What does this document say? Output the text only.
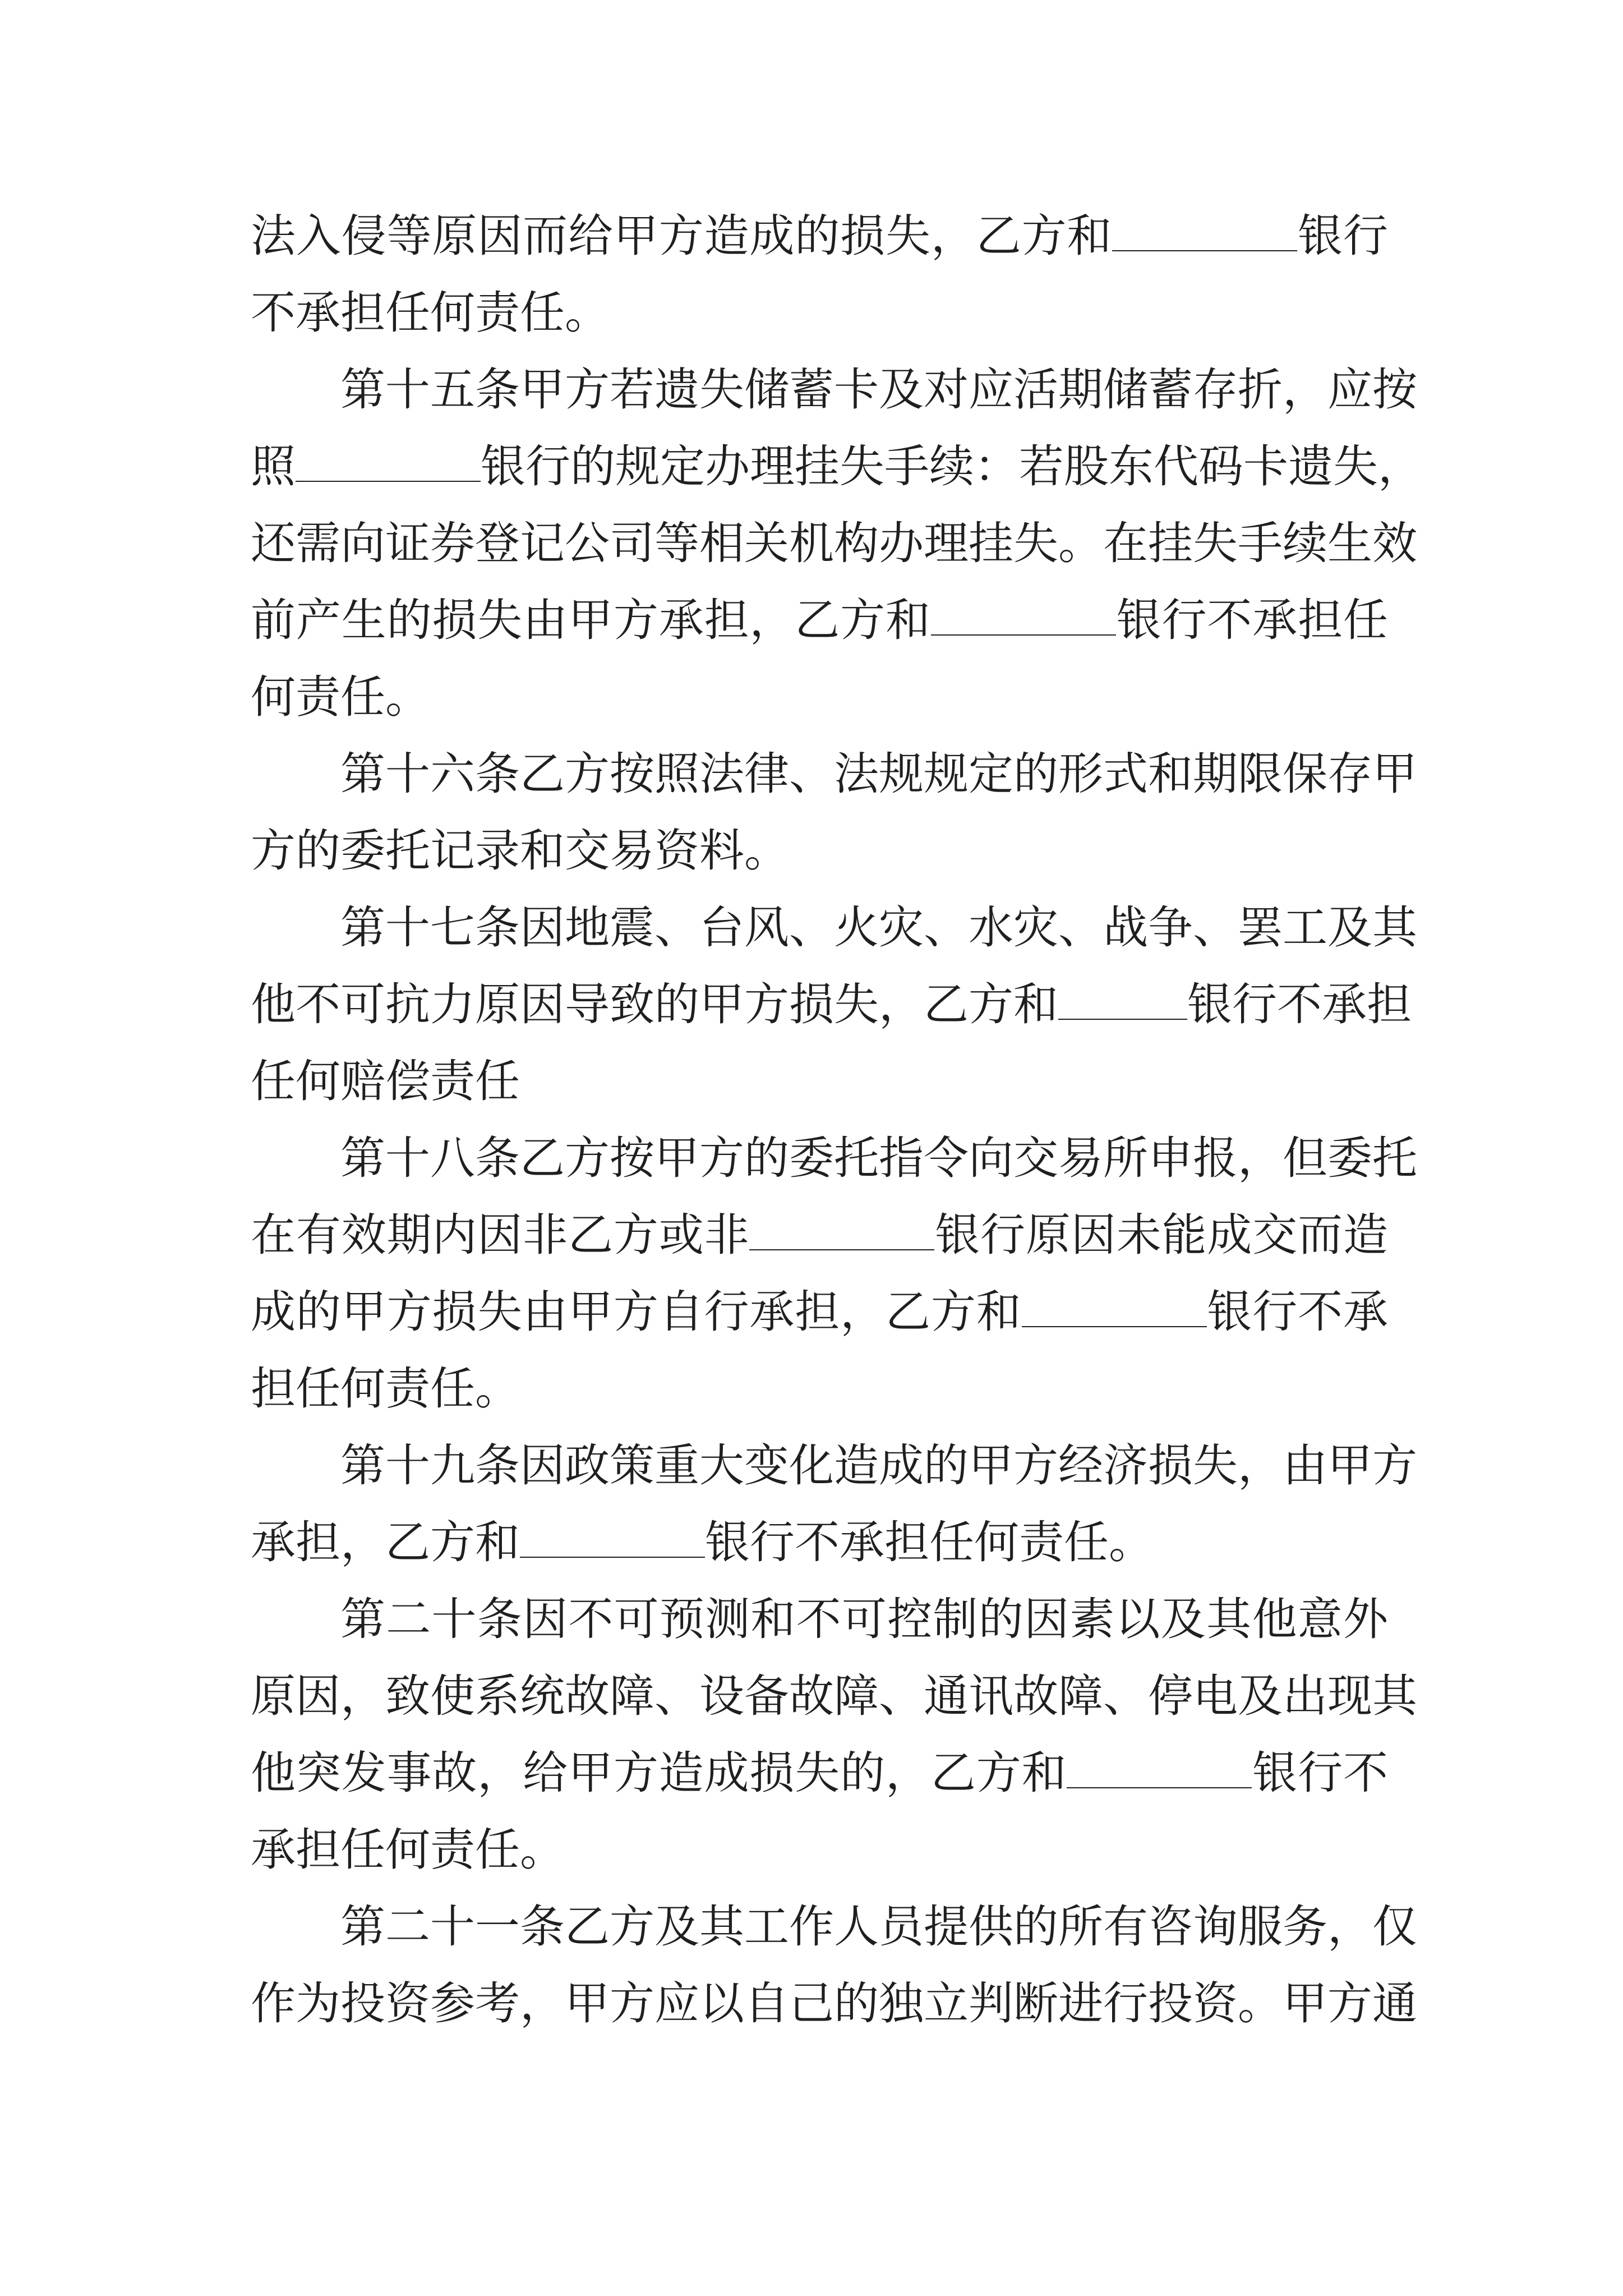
法入侵等原因而给甲方造成的损失，乙方和	银行
不承担任何责任。
第十五条甲方若遗失储蓄卡及对应活期储蓄存折，应按
照	银行的规定办理挂失手续：若股东代码卡遗失，
还需向证券登记公司等相关机构办理挂失。在挂失手续生效
前产生的损失由甲方承担，乙方和	银行不承担任
何责任。
第十六条乙方按照法律、法规规定的形式和期限保存甲
方的委托记录和交易资料。
第十七条因地震、台风、火灾、水灾、战争、罢工及其
他不可抗力原因导致的甲方损失，乙方和	银行不承担
任何赔偿责任
第十八条乙方按甲方的委托指令向交易所申报，但委托
在有效期内因非乙方或非	银行原因未能成交而造
成的甲方损失由甲方自行承担，乙方和	银行不承
担任何责任。
第十九条因政策重大变化造成的甲方经济损失，由甲方
承担，乙方和	银行不承担任何责任。
第二十条因不可预测和不可控制的因素以及其他意外
原因，致使系统故障、设备故障、通讯故障、停电及出现其
他突发事故，给甲方造成损失的，乙方和	银行不
承担任何责任。
第二十一条乙方及其工作人员提供的所有咨询服务，仅
作为投资参考，甲方应以自己的独立判断进行投资。甲方通
